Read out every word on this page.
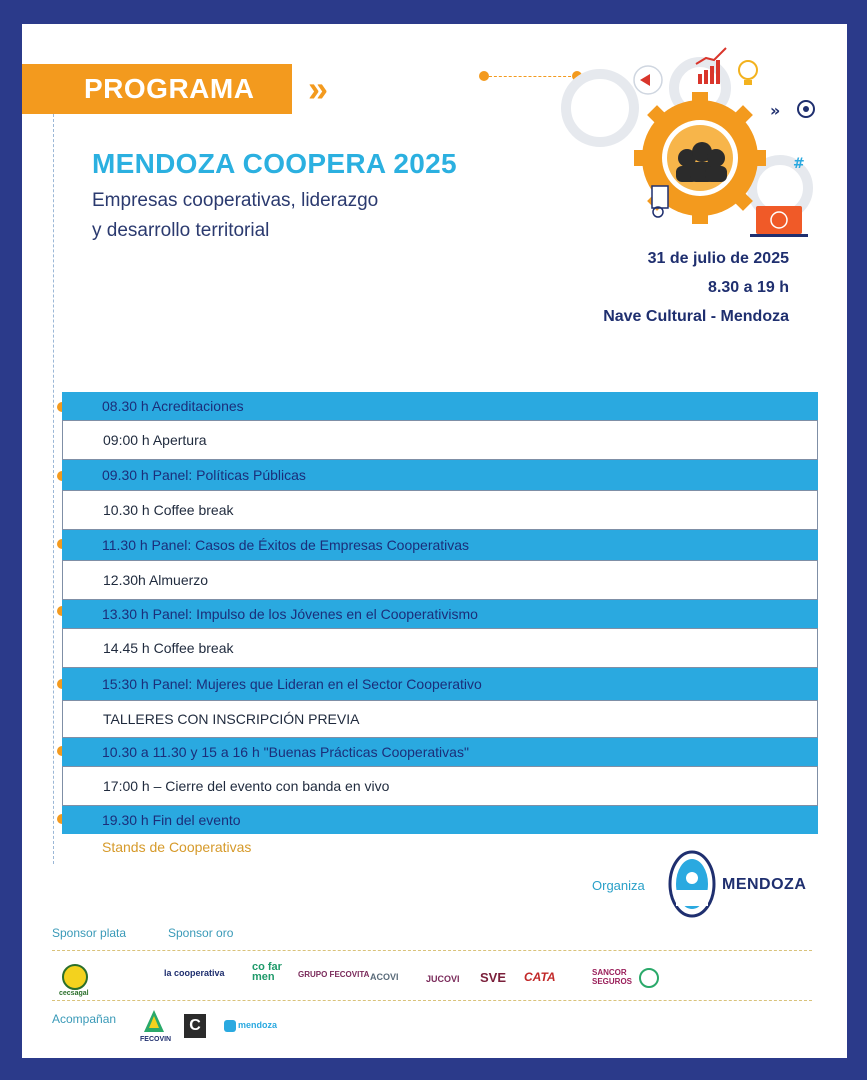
PROGRAMA	»
»
#
MENDOZA COOPERA 2025
Empresas cooperativas, liderazgo
y desarrollo territorial
31 de julio de 2025
8.30 a 19 h
Nave Cultural - Mendoza
08.30 h Acreditaciones
09:00 h Apertura
09.30 h Panel: Políticas Públicas
10.30 h Coffee break
11.30 h Panel: Casos de Éxitos de Empresas Cooperativas
12.30h Almuerzo
13.30 h Panel: Impulso de los Jóvenes en el Cooperativismo
14.45 h Coffee break
15:30 h Panel: Mujeres que Lideran en el Sector Cooperativo
TALLERES CON INSCRIPCIÓN PREVIA
10.30 a 11.30 y 15 a 16 h "Buenas Prácticas Cooperativas"
17:00 h – Cierre del evento con banda en vivo
19.30 h Fin del evento
Stands de Cooperativas
Organiza	MENDOZA
Sponsor plata	Sponsor oro
cecsagal
la cooperativa co far men	GRUPO FECOVITA ACOVI	JUCOVI SVE CATA	SANCOR SEGUROS
Acompañan
FECOVIN
C	mendoza
